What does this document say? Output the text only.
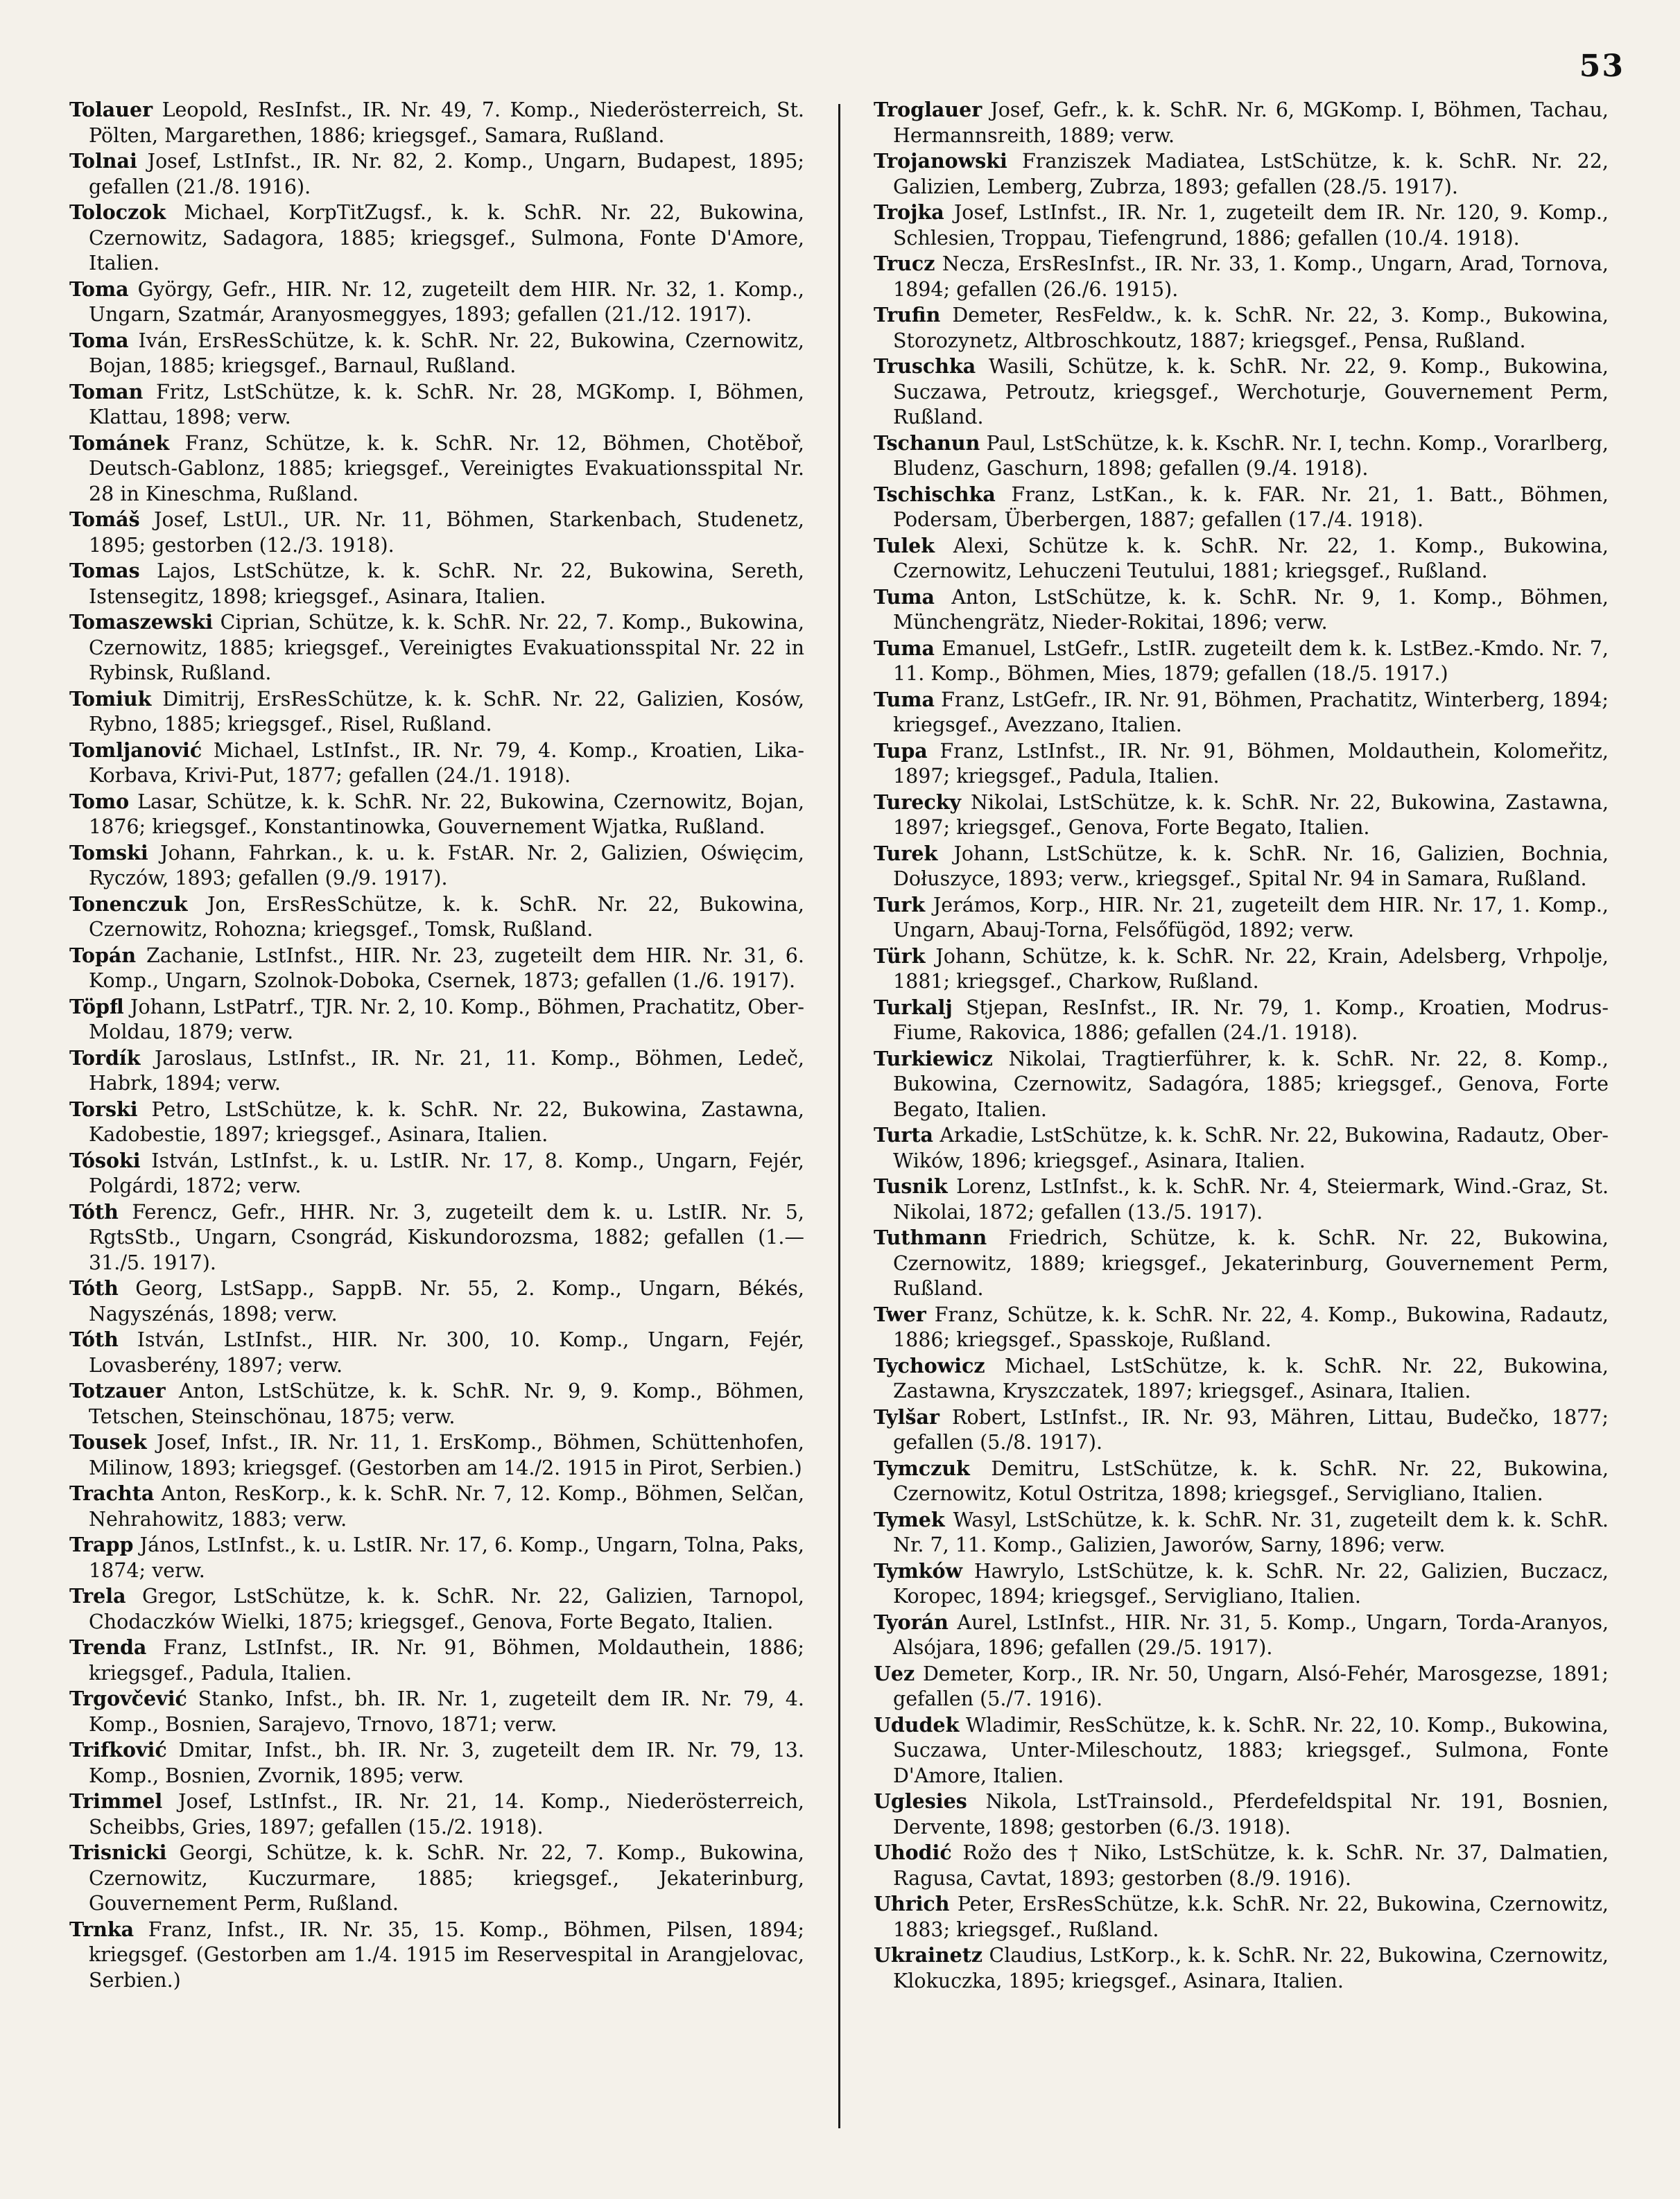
53
Tolauer Leopold, ResInfst., IR. Nr. 49, 7. Komp., Niederösterreich, St. Pölten, Margarethen, 1886; kriegsgef., Samara, Rußland.
Tolnai Josef, LstInfst., IR. Nr. 82, 2. Komp., Ungarn, Budapest, 1895; gefallen (21./8. 1916).
Toloczok Michael, KorpTitZugsf., k. k. SchR. Nr. 22, Bukowina, Czernowitz, Sadagora, 1885; kriegsgef., Sulmona, Fonte D'Amore, Italien.
Toma György, Gefr., HIR. Nr. 12, zugeteilt dem HIR. Nr. 32, 1. Komp., Ungarn, Szatmár, Aranyosmeggyes, 1893; gefallen (21./12. 1917).
Toma Iván, ErsResSchütze, k. k. SchR. Nr. 22, Bukowina, Czernowitz, Bojan, 1885; kriegsgef., Barnaul, Rußland.
Toman Fritz, LstSchütze, k. k. SchR. Nr. 28, MGKomp. I, Böhmen, Klattau, 1898; verw.
Tománek Franz, Schütze, k. k. SchR. Nr. 12, Böhmen, Chotěboř, Deutsch-Gablonz, 1885; kriegsgef., Vereinigtes Evakuationsspital Nr. 28 in Kineschma, Rußland.
Tomáš Josef, LstUl., UR. Nr. 11, Böhmen, Starkenbach, Studenetz, 1895; gestorben (12./3. 1918).
Tomas Lajos, LstSchütze, k. k. SchR. Nr. 22, Bukowina, Sereth, Istensegitz, 1898; kriegsgef., Asinara, Italien.
Tomaszewski Ciprian, Schütze, k. k. SchR. Nr. 22, 7. Komp., Bukowina, Czernowitz, 1885; kriegsgef., Vereinigtes Evakuationsspital Nr. 22 in Rybinsk, Rußland.
Tomiuk Dimitrij, ErsResSchütze, k. k. SchR. Nr. 22, Galizien, Kosów, Rybno, 1885; kriegsgef., Risel, Rußland.
Tomljanović Michael, LstInfst., IR. Nr. 79, 4. Komp., Kroatien, Lika-Korbava, Krivi-Put, 1877; gefallen (24./1. 1918).
Tomo Lasar, Schütze, k. k. SchR. Nr. 22, Bukowina, Czernowitz, Bojan, 1876; kriegsgef., Konstantinowka, Gouvernement Wjatka, Rußland.
Tomski Johann, Fahrkan., k. u. k. FstAR. Nr. 2, Galizien, Oświęcim, Ryczów, 1893; gefallen (9./9. 1917).
Tonenczuk Jon, ErsResSchütze, k. k. SchR. Nr. 22, Bukowina, Czernowitz, Rohozna; kriegsgef., Tomsk, Rußland.
Topán Zachanie, LstInfst., HIR. Nr. 23, zugeteilt dem HIR. Nr. 31, 6. Komp., Ungarn, Szolnok-Doboka, Csernek, 1873; gefallen (1./6. 1917).
Töpfl Johann, LstPatrf., TJR. Nr. 2, 10. Komp., Böhmen, Prachatitz, Ober-Moldau, 1879; verw.
Tordík Jaroslaus, LstInfst., IR. Nr. 21, 11. Komp., Böhmen, Ledeč, Habrk, 1894; verw.
Torski Petro, LstSchütze, k. k. SchR. Nr. 22, Bukowina, Zastawna, Kadobestie, 1897; kriegsgef., Asinara, Italien.
Tósoki István, LstInfst., k. u. LstIR. Nr. 17, 8. Komp., Ungarn, Fejér, Polgárdi, 1872; verw.
Tóth Ferencz, Gefr., HHR. Nr. 3, zugeteilt dem k. u. LstIR. Nr. 5, RgtsStb., Ungarn, Csongrád, Kiskundorozsma, 1882; gefallen (1.—31./5. 1917).
Tóth Georg, LstSapp., SappB. Nr. 55, 2. Komp., Ungarn, Békés, Nagyszénás, 1898; verw.
Tóth István, LstInfst., HIR. Nr. 300, 10. Komp., Ungarn, Fejér, Lovasberény, 1897; verw.
Totzauer Anton, LstSchütze, k. k. SchR. Nr. 9, 9. Komp., Böhmen, Tetschen, Steinschönau, 1875; verw.
Tousek Josef, Infst., IR. Nr. 11, 1. ErsKomp., Böhmen, Schüttenhofen, Milinow, 1893; kriegsgef. (Gestorben am 14./2. 1915 in Pirot, Serbien.)
Trachta Anton, ResKorp., k. k. SchR. Nr. 7, 12. Komp., Böhmen, Selčan, Nehrahowitz, 1883; verw.
Trapp János, LstInfst., k. u. LstIR. Nr. 17, 6. Komp., Ungarn, Tolna, Paks, 1874; verw.
Trela Gregor, LstSchütze, k. k. SchR. Nr. 22, Galizien, Tarnopol, Chodaczków Wielki, 1875; kriegsgef., Genova, Forte Begato, Italien.
Trenda Franz, LstInfst., IR. Nr. 91, Böhmen, Moldauthein, 1886; kriegsgef., Padula, Italien.
Trgovčević Stanko, Infst., bh. IR. Nr. 1, zugeteilt dem IR. Nr. 79, 4. Komp., Bosnien, Sarajevo, Trnovo, 1871; verw.
Trifković Dmitar, Infst., bh. IR. Nr. 3, zugeteilt dem IR. Nr. 79, 13. Komp., Bosnien, Zvornik, 1895; verw.
Trimmel Josef, LstInfst., IR. Nr. 21, 14. Komp., Niederösterreich, Scheibbs, Gries, 1897; gefallen (15./2. 1918).
Trisnicki Georgi, Schütze, k. k. SchR. Nr. 22, 7. Komp., Bukowina, Czernowitz, Kuczurmare, 1885; kriegsgef., Jekaterinburg, Gouvernement Perm, Rußland.
Trnka Franz, Infst., IR. Nr. 35, 15. Komp., Böhmen, Pilsen, 1894; kriegsgef. (Gestorben am 1./4. 1915 im Reservespital in Arangjelovac, Serbien.)
Troglauer Josef, Gefr., k. k. SchR. Nr. 6, MGKomp. I, Böhmen, Tachau, Hermannsreith, 1889; verw.
Trojanowski Franziszek Madiatea, LstSchütze, k. k. SchR. Nr. 22, Galizien, Lemberg, Zubrza, 1893; gefallen (28./5. 1917).
Trojka Josef, LstInfst., IR. Nr. 1, zugeteilt dem IR. Nr. 120, 9. Komp., Schlesien, Troppau, Tiefengrund, 1886; gefallen (10./4. 1918).
Trucz Necza, ErsResInfst., IR. Nr. 33, 1. Komp., Ungarn, Arad, Tornova, 1894; gefallen (26./6. 1915).
Trufin Demeter, ResFeldw., k. k. SchR. Nr. 22, 3. Komp., Bukowina, Storozynetz, Altbroschkoutz, 1887; kriegsgef., Pensa, Rußland.
Truschka Wasili, Schütze, k. k. SchR. Nr. 22, 9. Komp., Bukowina, Suczawa, Petroutz, kriegsgef., Werchoturje, Gouvernement Perm, Rußland.
Tschanun Paul, LstSchütze, k. k. KschR. Nr. I, techn. Komp., Vorarlberg, Bludenz, Gaschurn, 1898; gefallen (9./4. 1918).
Tschischka Franz, LstKan., k. k. FAR. Nr. 21, 1. Batt., Böhmen, Podersam, Überbergen, 1887; gefallen (17./4. 1918).
Tulek Alexi, Schütze k. k. SchR. Nr. 22, 1. Komp., Bukowina, Czernowitz, Lehuczeni Teutului, 1881; kriegsgef., Rußland.
Tuma Anton, LstSchütze, k. k. SchR. Nr. 9, 1. Komp., Böhmen, Münchengrätz, Nieder-Rokitai, 1896; verw.
Tuma Emanuel, LstGefr., LstIR. zugeteilt dem k. k. LstBez.-Kmdo. Nr. 7, 11. Komp., Böhmen, Mies, 1879; gefallen (18./5. 1917.)
Tuma Franz, LstGefr., IR. Nr. 91, Böhmen, Prachatitz, Winterberg, 1894; kriegsgef., Avezzano, Italien.
Tupa Franz, LstInfst., IR. Nr. 91, Böhmen, Moldauthein, Kolomeřitz, 1897; kriegsgef., Padula, Italien.
Turecky Nikolai, LstSchütze, k. k. SchR. Nr. 22, Bukowina, Zastawna, 1897; kriegsgef., Genova, Forte Begato, Italien.
Turek Johann, LstSchütze, k. k. SchR. Nr. 16, Galizien, Bochnia, Dołuszyce, 1893; verw., kriegsgef., Spital Nr. 94 in Samara, Rußland.
Turk Jerámos, Korp., HIR. Nr. 21, zugeteilt dem HIR. Nr. 17, 1. Komp., Ungarn, Abauj-Torna, Felsőfügöd, 1892; verw.
Türk Johann, Schütze, k. k. SchR. Nr. 22, Krain, Adelsberg, Vrhpolje, 1881; kriegsgef., Charkow, Rußland.
Turkalj Stjepan, ResInfst., IR. Nr. 79, 1. Komp., Kroatien, Modrus-Fiume, Rakovica, 1886; gefallen (24./1. 1918).
Turkiewicz Nikolai, Tragtierführer, k. k. SchR. Nr. 22, 8. Komp., Bukowina, Czernowitz, Sadagóra, 1885; kriegsgef., Genova, Forte Begato, Italien.
Turta Arkadie, LstSchütze, k. k. SchR. Nr. 22, Bukowina, Radautz, Ober-Wików, 1896; kriegsgef., Asinara, Italien.
Tusnik Lorenz, LstInfst., k. k. SchR. Nr. 4, Steiermark, Wind.-Graz, St. Nikolai, 1872; gefallen (13./5. 1917).
Tuthmann Friedrich, Schütze, k. k. SchR. Nr. 22, Bukowina, Czernowitz, 1889; kriegsgef., Jekaterinburg, Gouvernement Perm, Rußland.
Twer Franz, Schütze, k. k. SchR. Nr. 22, 4. Komp., Bukowina, Radautz, 1886; kriegsgef., Spasskoje, Rußland.
Tychowicz Michael, LstSchütze, k. k. SchR. Nr. 22, Bukowina, Zastawna, Kryszczatek, 1897; kriegsgef., Asinara, Italien.
Tylšar Robert, LstInfst., IR. Nr. 93, Mähren, Littau, Budečko, 1877; gefallen (5./8. 1917).
Tymczuk Demitru, LstSchütze, k. k. SchR. Nr. 22, Bukowina, Czernowitz, Kotul Ostritza, 1898; kriegsgef., Servigliano, Italien.
Tymek Wasyl, LstSchütze, k. k. SchR. Nr. 31, zugeteilt dem k. k. SchR. Nr. 7, 11. Komp., Galizien, Jaworów, Sarny, 1896; verw.
Tymków Hawrylo, LstSchütze, k. k. SchR. Nr. 22, Galizien, Buczacz, Koropec, 1894; kriegsgef., Servigliano, Italien.
Tyorán Aurel, LstInfst., HIR. Nr. 31, 5. Komp., Ungarn, Torda-Aranyos, Alsójara, 1896; gefallen (29./5. 1917).
Uez Demeter, Korp., IR. Nr. 50, Ungarn, Alsó-Fehér, Marosgezse, 1891; gefallen (5./7. 1916).
Ududek Wladimir, ResSchütze, k. k. SchR. Nr. 22, 10. Komp., Bukowina, Suczawa, Unter-Mileschoutz, 1883; kriegsgef., Sulmona, Fonte D'Amore, Italien.
Uglesies Nikola, LstTrainsold., Pferdefeldspital Nr. 191, Bosnien, Dervente, 1898; gestorben (6./3. 1918).
Uhodić Rožo des † Niko, LstSchütze, k. k. SchR. Nr. 37, Dalmatien, Ragusa, Cavtat, 1893; gestorben (8./9. 1916).
Uhrich Peter, ErsResSchütze, k.k. SchR. Nr. 22, Bukowina, Czernowitz, 1883; kriegsgef., Rußland.
Ukrainetz Claudius, LstKorp., k. k. SchR. Nr. 22, Bukowina, Czernowitz, Klokuczka, 1895; kriegsgef., Asinara, Italien.
